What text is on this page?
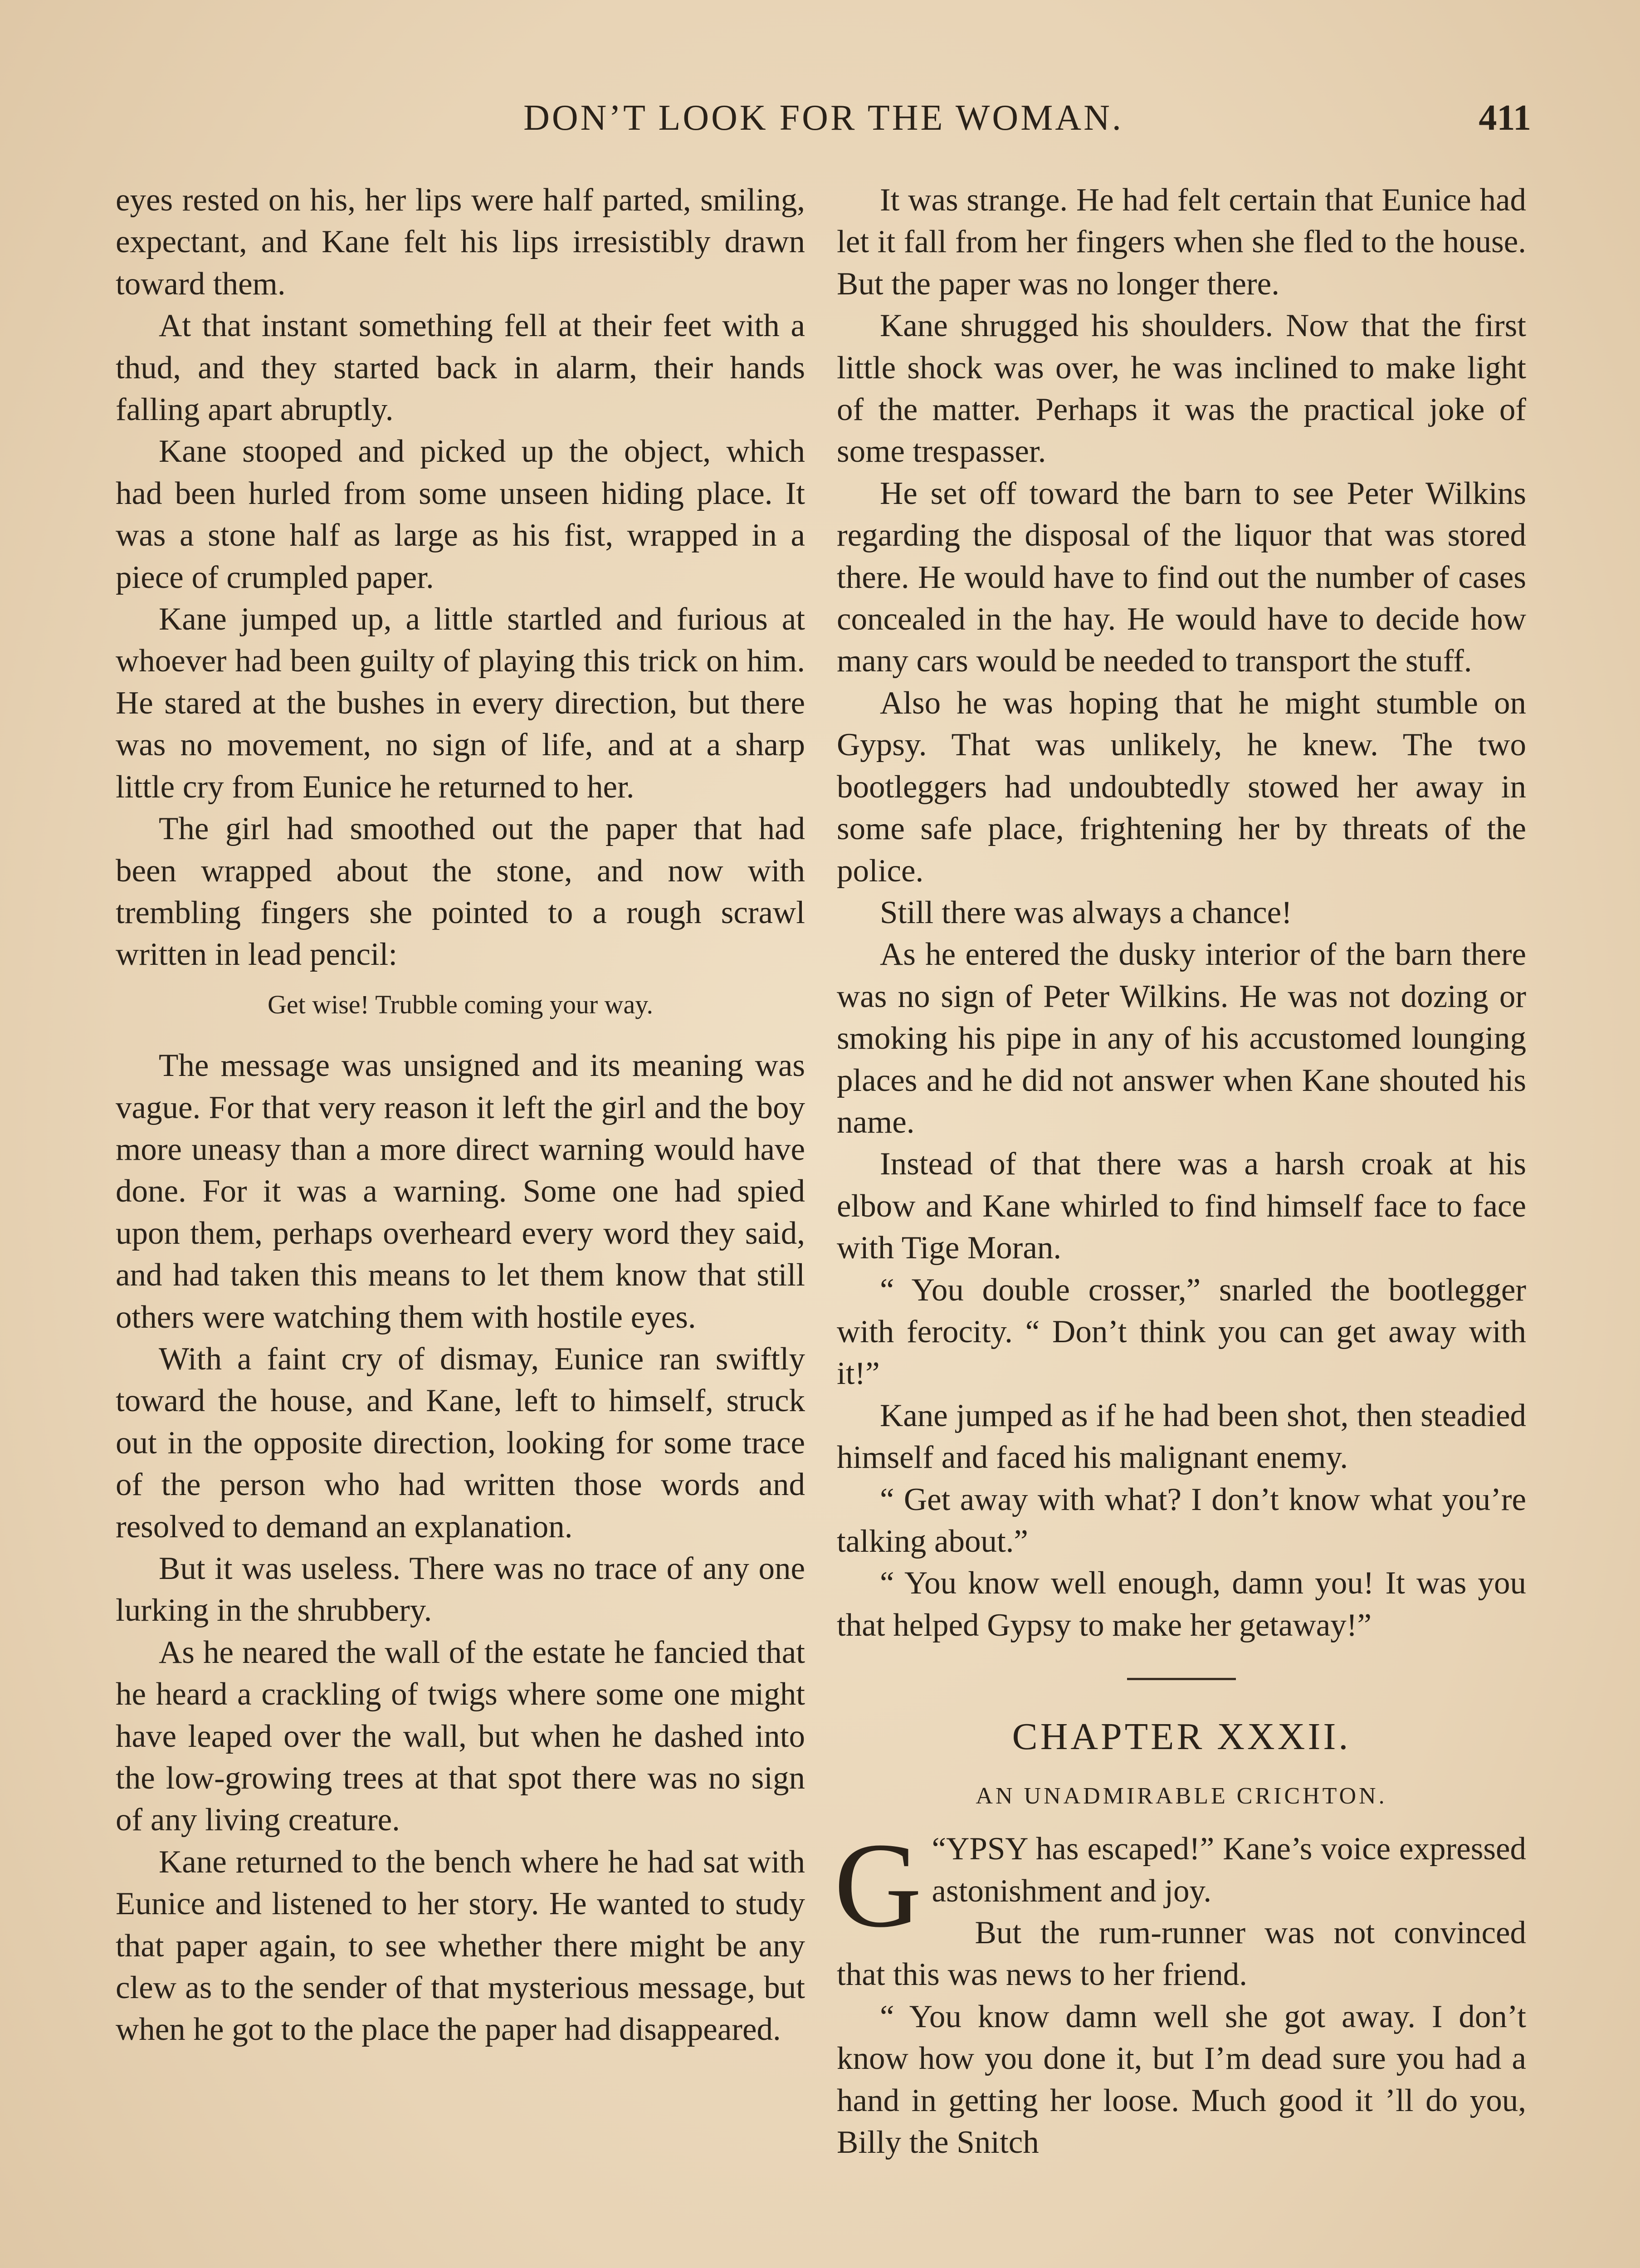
DON’T LOOK FOR THE WOMAN.	411

eyes rested on his, her lips were half parted, smiling, expectant, and Kane felt his lips irresistibly drawn toward them.

At that instant something fell at their feet with a thud, and they started back in alarm, their hands falling apart abruptly.

Kane stooped and picked up the object, which had been hurled from some unseen hiding place. It was a stone half as large as his fist, wrapped in a piece of crumpled paper.

Kane jumped up, a little startled and furious at whoever had been guilty of playing this trick on him. He stared at the bushes in every direction, but there was no movement, no sign of life, and at a sharp little cry from Eunice he returned to her.

The girl had smoothed out the paper that had been wrapped about the stone, and now with trembling fingers she pointed to a rough scrawl written in lead pencil:

Get wise! Trubble coming your way.

The message was unsigned and its meaning was vague. For that very reason it left the girl and the boy more uneasy than a more direct warning would have done. For it was a warning. Some one had spied upon them, perhaps overheard every word they said, and had taken this means to let them know that still others were watching them with hostile eyes.

With a faint cry of dismay, Eunice ran swiftly toward the house, and Kane, left to himself, struck out in the opposite direction, looking for some trace of the person who had written those words and resolved to demand an explanation.

But it was useless. There was no trace of any one lurking in the shrubbery.

As he neared the wall of the estate he fancied that he heard a crackling of twigs where some one might have leaped over the wall, but when he dashed into the low-growing trees at that spot there was no sign of any living creature.

Kane returned to the bench where he had sat with Eunice and listened to her story. He wanted to study that paper again, to see whether there might be any clew as to the sender of that mysterious message, but when he got to the place the paper had disappeared.

It was strange. He had felt certain that Eunice had let it fall from her fingers when she fled to the house. But the paper was no longer there.

Kane shrugged his shoulders. Now that the first little shock was over, he was inclined to make light of the matter. Perhaps it was the practical joke of some trespasser.

He set off toward the barn to see Peter Wilkins regarding the disposal of the liquor that was stored there. He would have to find out the number of cases concealed in the hay. He would have to decide how many cars would be needed to transport the stuff.

Also he was hoping that he might stumble on Gypsy. That was unlikely, he knew. The two bootleggers had undoubtedly stowed her away in some safe place, frightening her by threats of the police.

Still there was always a chance!

As he entered the dusky interior of the barn there was no sign of Peter Wilkins. He was not dozing or smoking his pipe in any of his accustomed lounging places and he did not answer when Kane shouted his name.

Instead of that there was a harsh croak at his elbow and Kane whirled to find himself face to face with Tige Moran.

“ You double crosser,” snarled the bootlegger with ferocity. “ Don’t think you can get away with it!”

Kane jumped as if he had been shot, then steadied himself and faced his malignant enemy.

“ Get away with what? I don’t know what you’re talking about.”

“ You know well enough, damn you! It was you that helped Gypsy to make her getaway!”

CHAPTER XXXII.
AN UNADMIRABLE CRICHTON.

“
G YPSY has escaped!” Kane’s voice expressed astonishment and joy.

But the rum-runner was not convinced that this was news to her friend.

“ You know damn well she got away. I don’t know how you done it, but I’m dead sure you had a hand in getting her loose. Much good it ’ll do you, Billy the Snitch
